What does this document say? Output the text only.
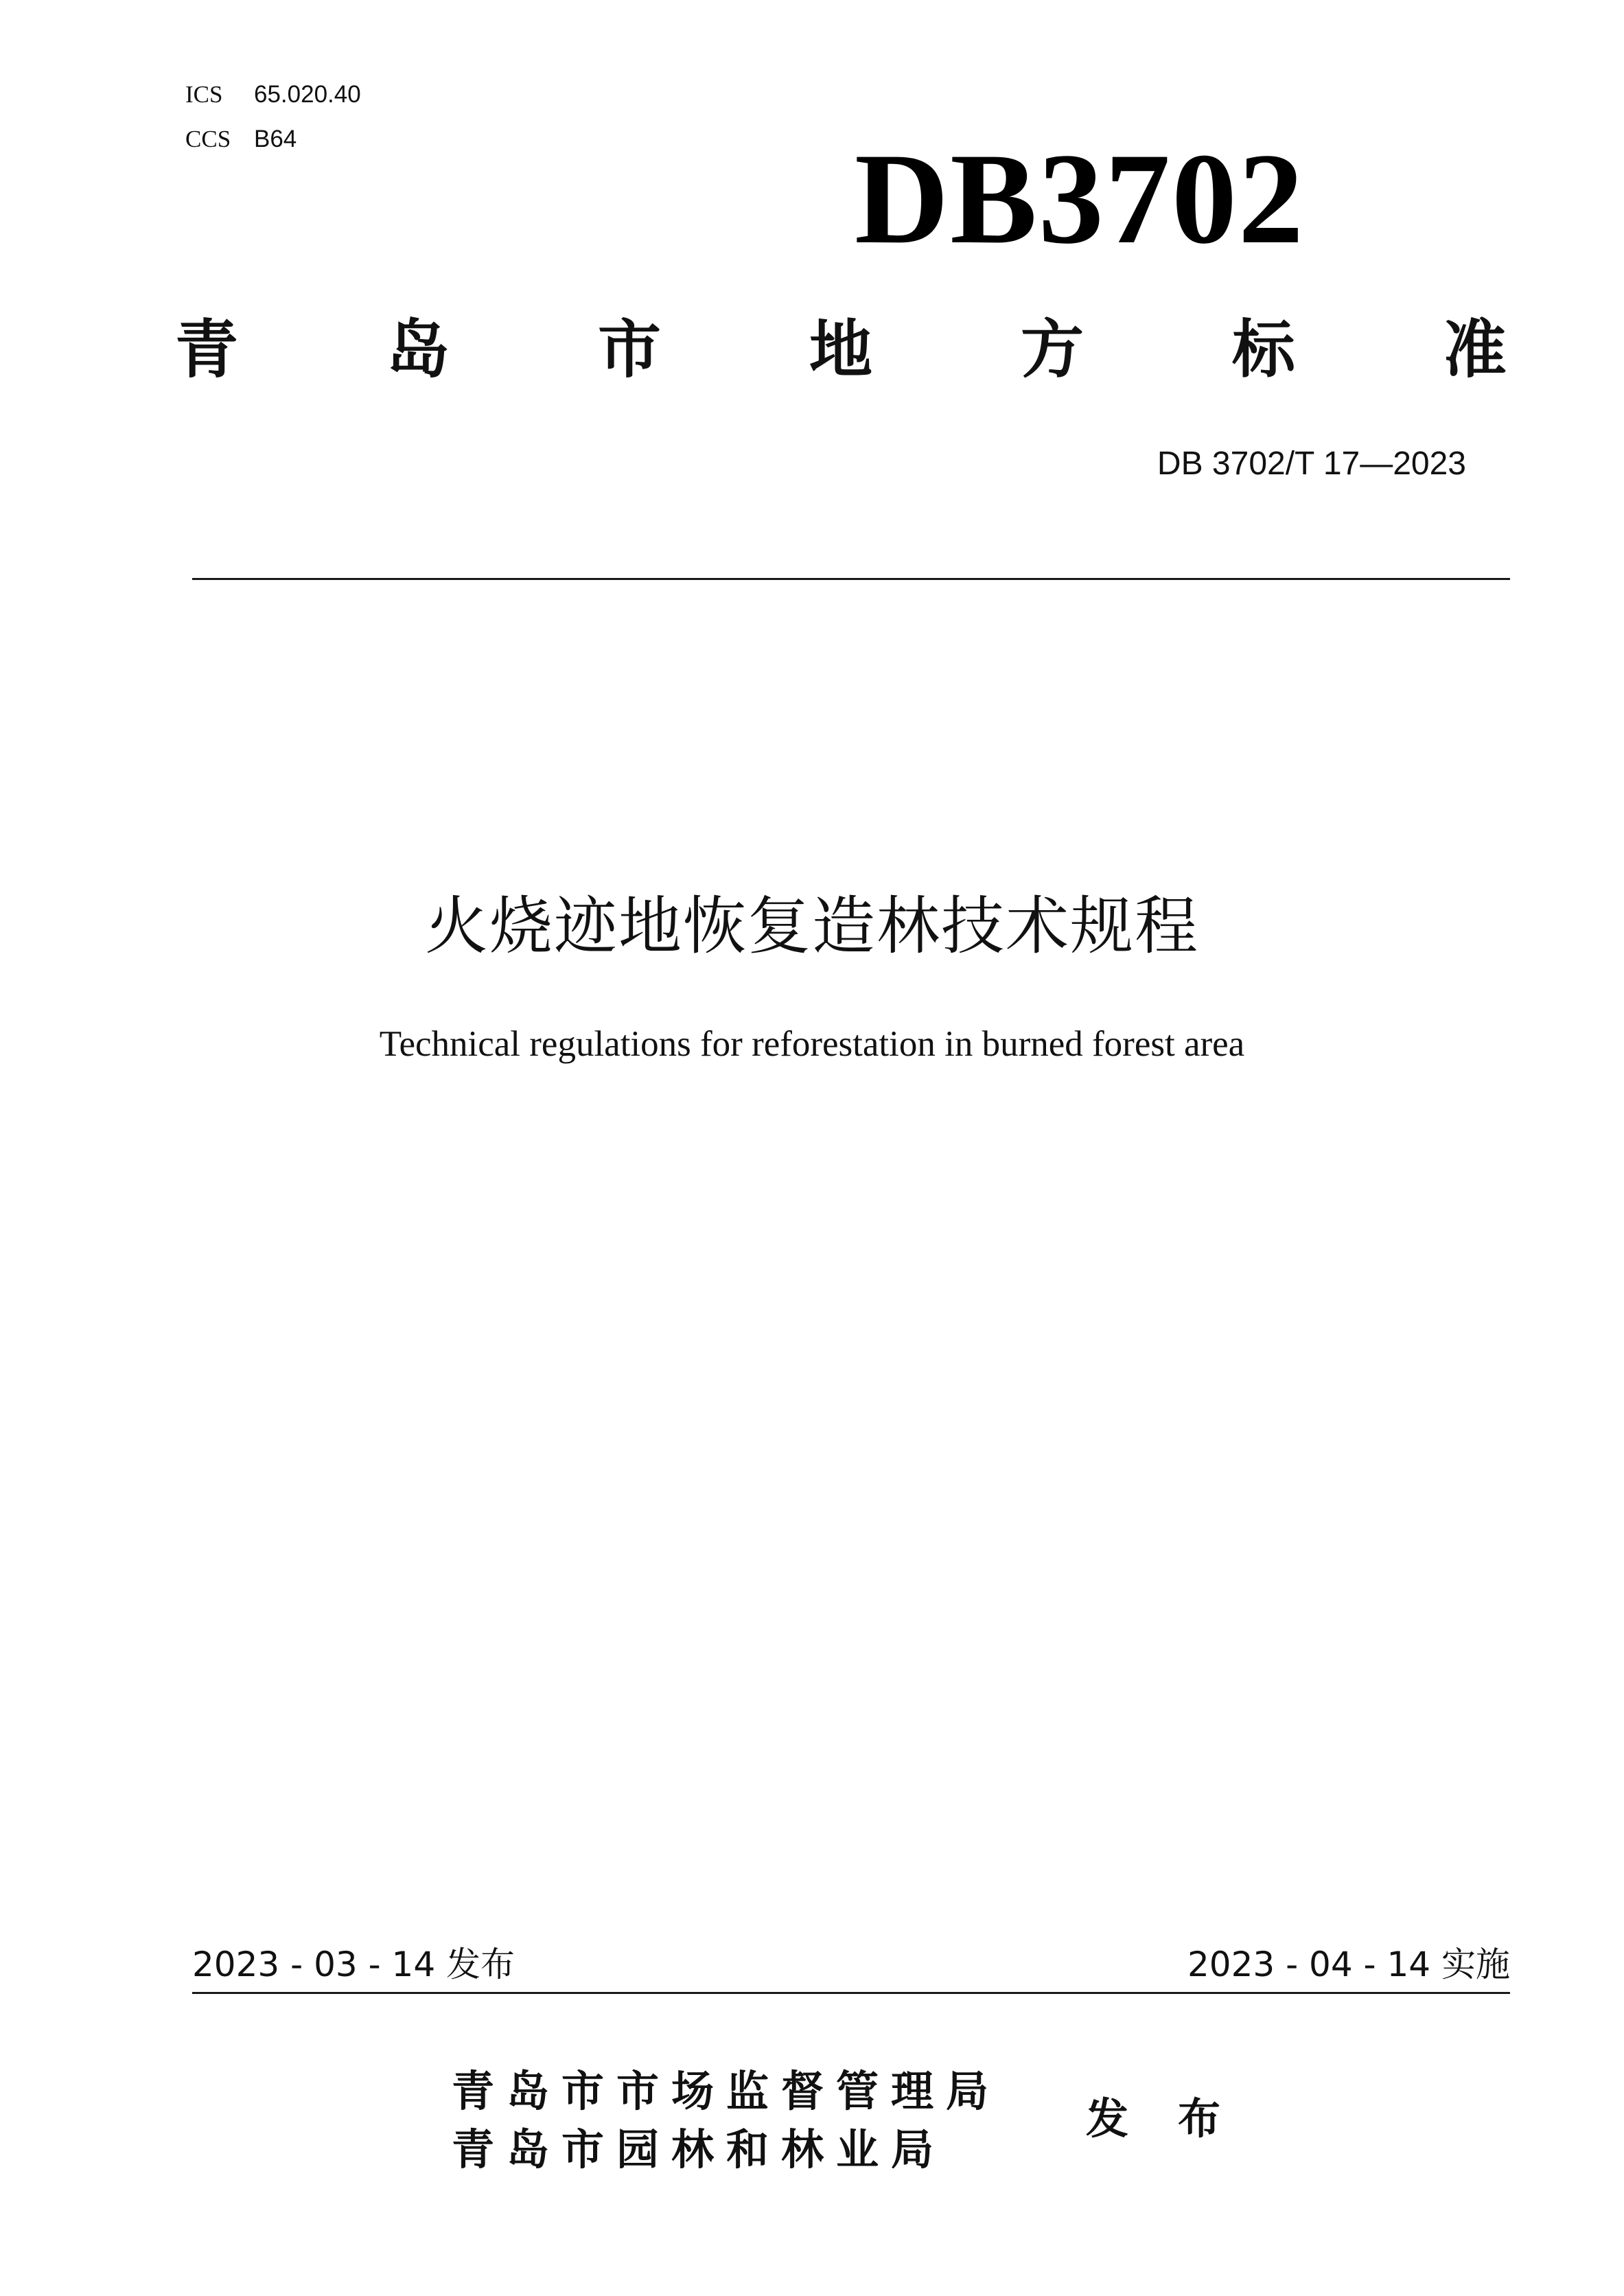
ICS 65.020.40
CCS B64	DB3702
青 岛 市 地 方 标 准
DB 3702/T 17—2023
火烧迹地恢复造林技术规程
Technical regulations for reforestation in burned forest area
2023 - 03 - 14 发布	2023 - 04 - 14 实施
青岛市市场监督管理局
青岛市园林和林业局
发布
